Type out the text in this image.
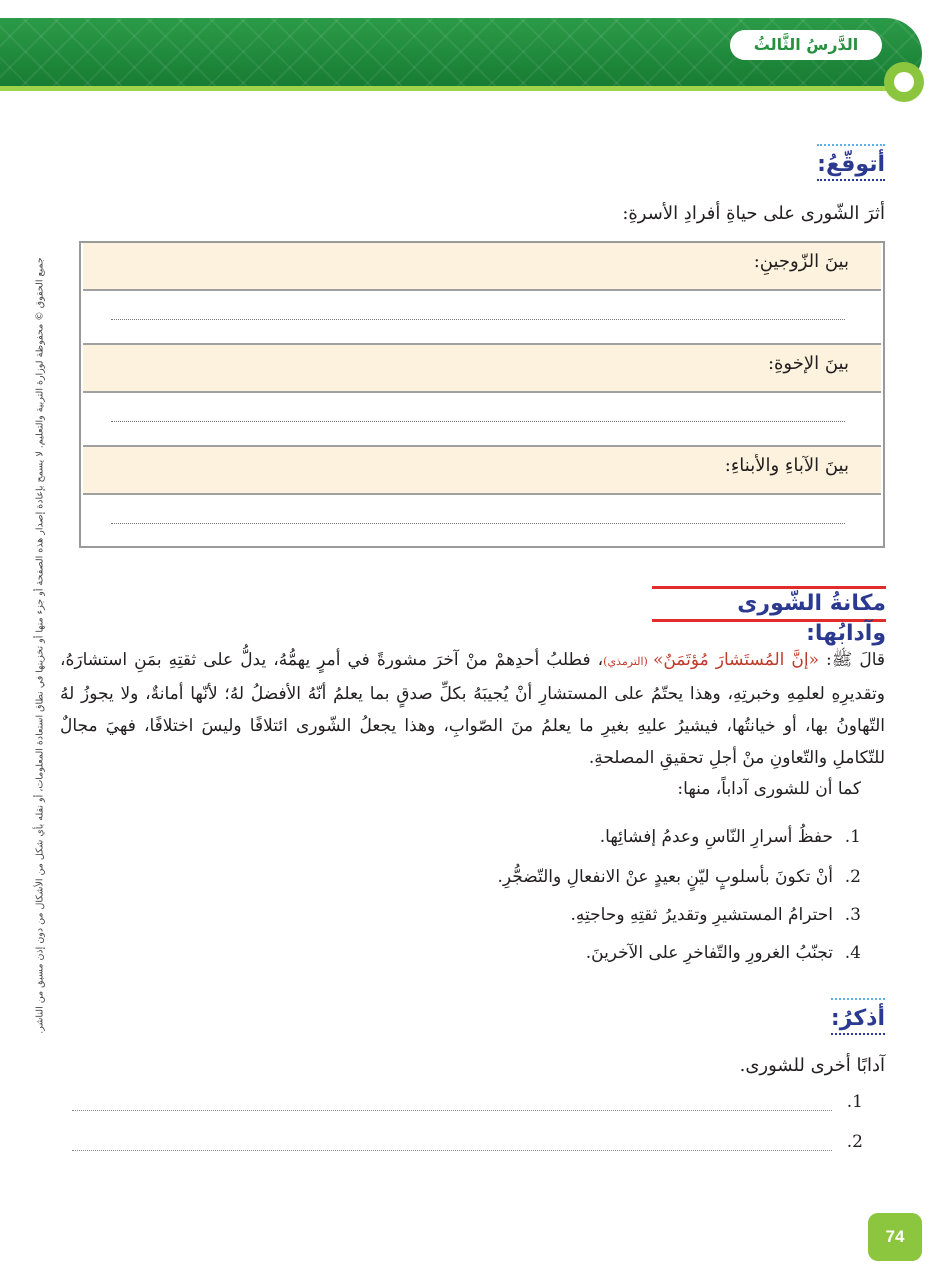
الدَّرسُ الثَّالثُ
جميع الحقوق © محفوظة لوزارة التربية والتعليم. لا يسمح بإعادة إصدار هذه الصفحة أو جزء منها أو تخزينها في نطاق استعادة المعلومات، أو نقله بأي شكل من الأشكال من دون إذن مسبق من الناشر.
أتوقّعُ:
أثرَ الشّورى على حياةِ أفرادِ الأسرةِ:
بينَ الزّوجينِ:
بينَ الإخوةِ:
بينَ الآباءِ والأبناءِ:
مكانةُ الشّورى وآدابُها:
قالَ ﷺ: «إنَّ المُستَشارَ مُؤتَمَنٌ» (الترمذي)، فطلبُ أحدِهمْ منْ آخرَ مشورةً في أمرٍ يهمُّهُ، يدلُّ على ثقتِهِ بمَنِ استشارَهُ، وتقديرِهِ لعلمِهِ وخبرتِهِ، وهذا يحتّمُ على المستشارِ أنْ يُجيبَهُ بكلِّ صدقٍ بما يعلمُ أنّهُ الأفضلُ لهُ؛ لأنّها أمانةٌ، ولا يجوزُ لهُ التّهاونُ بها، أو خيانتُها، فيشيرُ عليهِ بغيرِ ما يعلمُ منَ الصّوابِ، وهذا يجعلُ الشّورى ائتلافًا وليسَ اختلافًا، فهيَ مجالٌ للتّكاملِ والتّعاونِ منْ أجلِ تحقيقِ المصلحةِ.
كما أن للشورى آداباً، منها:
1.حفظُ أسرارِ النّاسِ وعدمُ إفشائِها.
2.أنْ تكونَ بأسلوبٍ ليّنٍ بعيدٍ عنْ الانفعالِ والتّضجُّرِ.
3.احترامُ المستشيرِ وتقديرُ ثقتِهِ وحاجتِهِ.
4.تجنّبُ الغرورِ والتّفاخرِ على الآخرينَ.
أذكرُ:
آدابًا أخرى للشورى.
1.
2.
74
